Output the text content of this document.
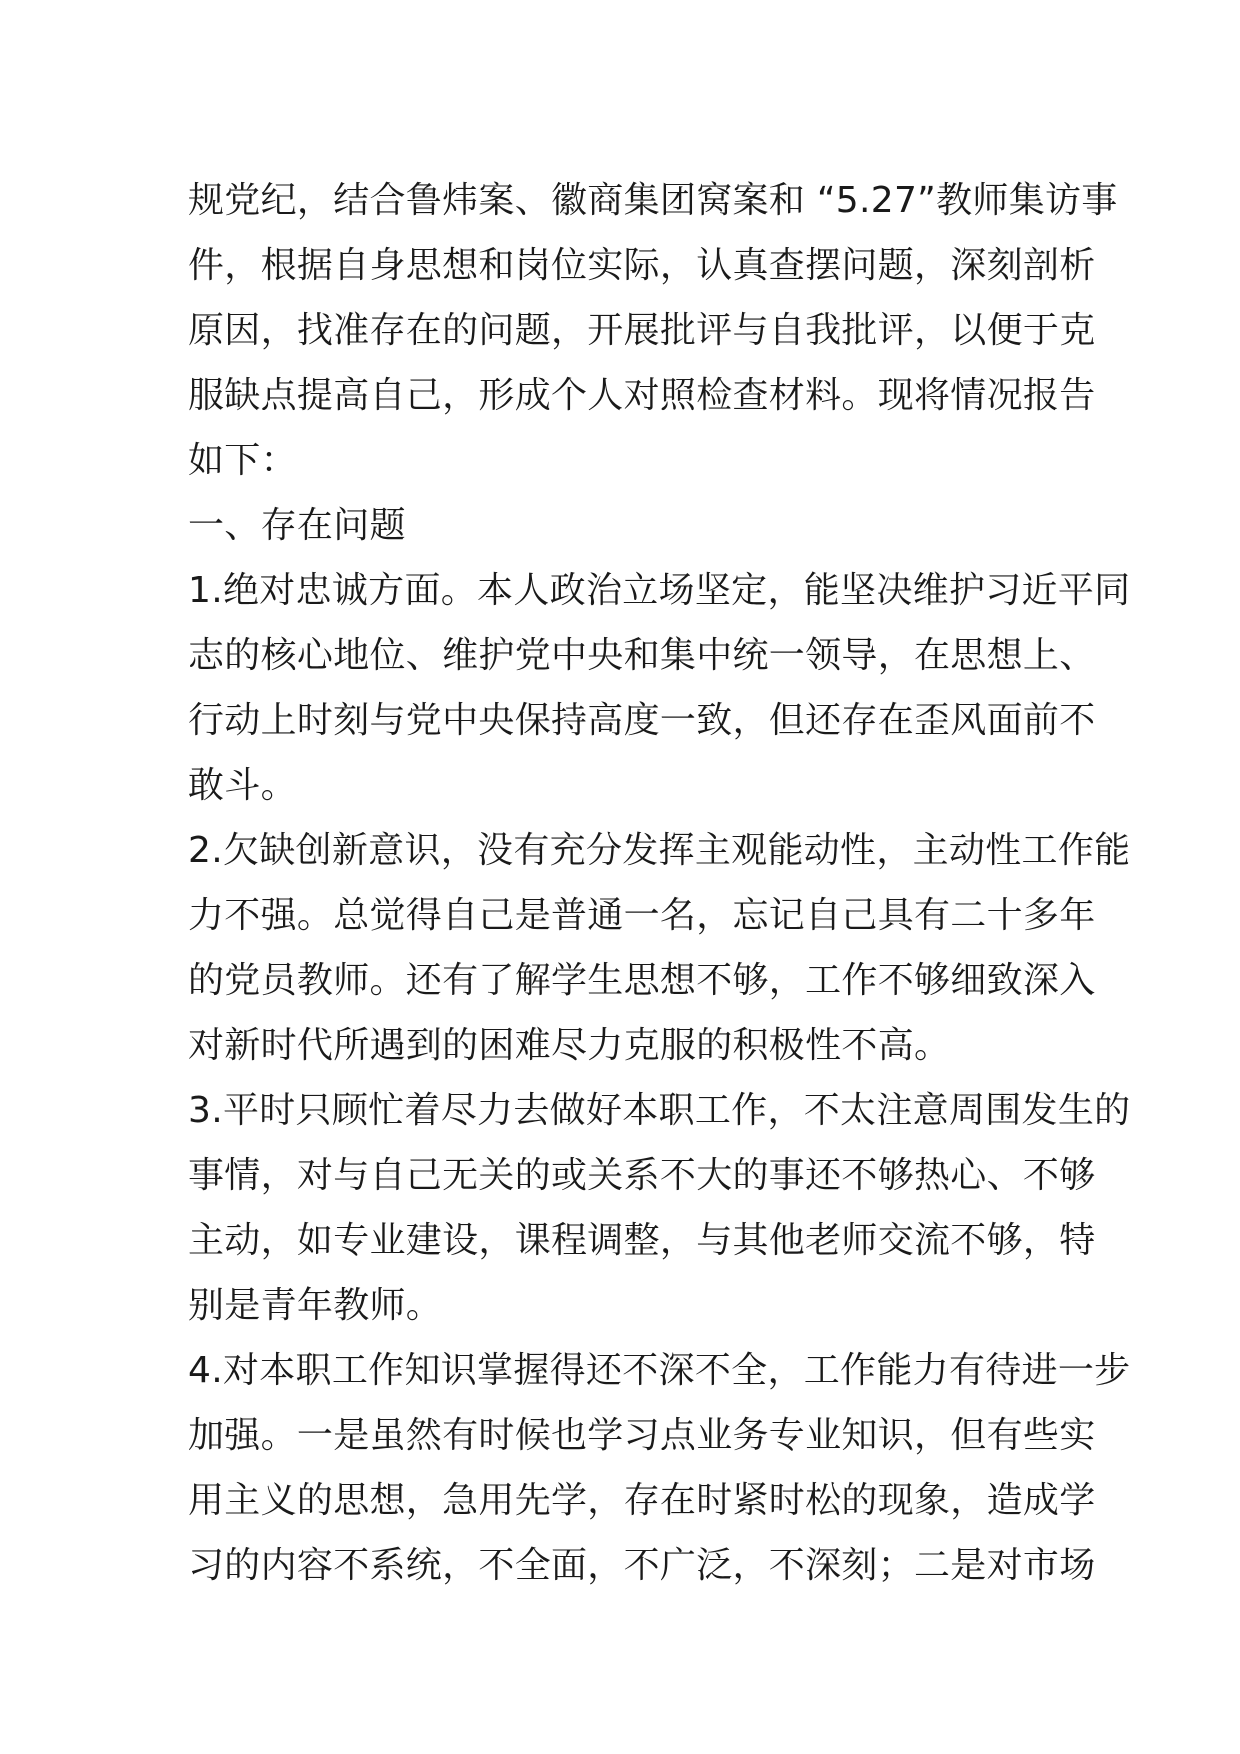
规党纪，结合鲁炜案、徽商集团窝案和 “5.27”教师集访事
件，根据自身思想和岗位实际，认真查摆问题，深刻剖析
原因，找准存在的问题，开展批评与自我批评，以便于克
服缺点提高自己，形成个人对照检查材料。现将情况报告
如下：
一、存在问题
1.绝对忠诚方面。本人政治立场坚定，能坚决维护习近平同
志的核心地位、维护党中央和集中统一领导，在思想上、
行动上时刻与党中央保持高度一致，但还存在歪风面前不
敢斗。
2.欠缺创新意识，没有充分发挥主观能动性，主动性工作能
力不强。总觉得自己是普通一名，忘记自己具有二十多年
的党员教师。还有了解学生思想不够，工作不够细致深入
对新时代所遇到的困难尽力克服的积极性不高。
3.平时只顾忙着尽力去做好本职工作，不太注意周围发生的
事情，对与自己无关的或关系不大的事还不够热心、不够
主动，如专业建设，课程调整，与其他老师交流不够，特
别是青年教师。
4.对本职工作知识掌握得还不深不全，工作能力有待进一步
加强。一是虽然有时候也学习点业务专业知识，但有些实
用主义的思想，急用先学，存在时紧时松的现象，造成学
习的内容不系统，不全面，不广泛，不深刻；二是对市场
